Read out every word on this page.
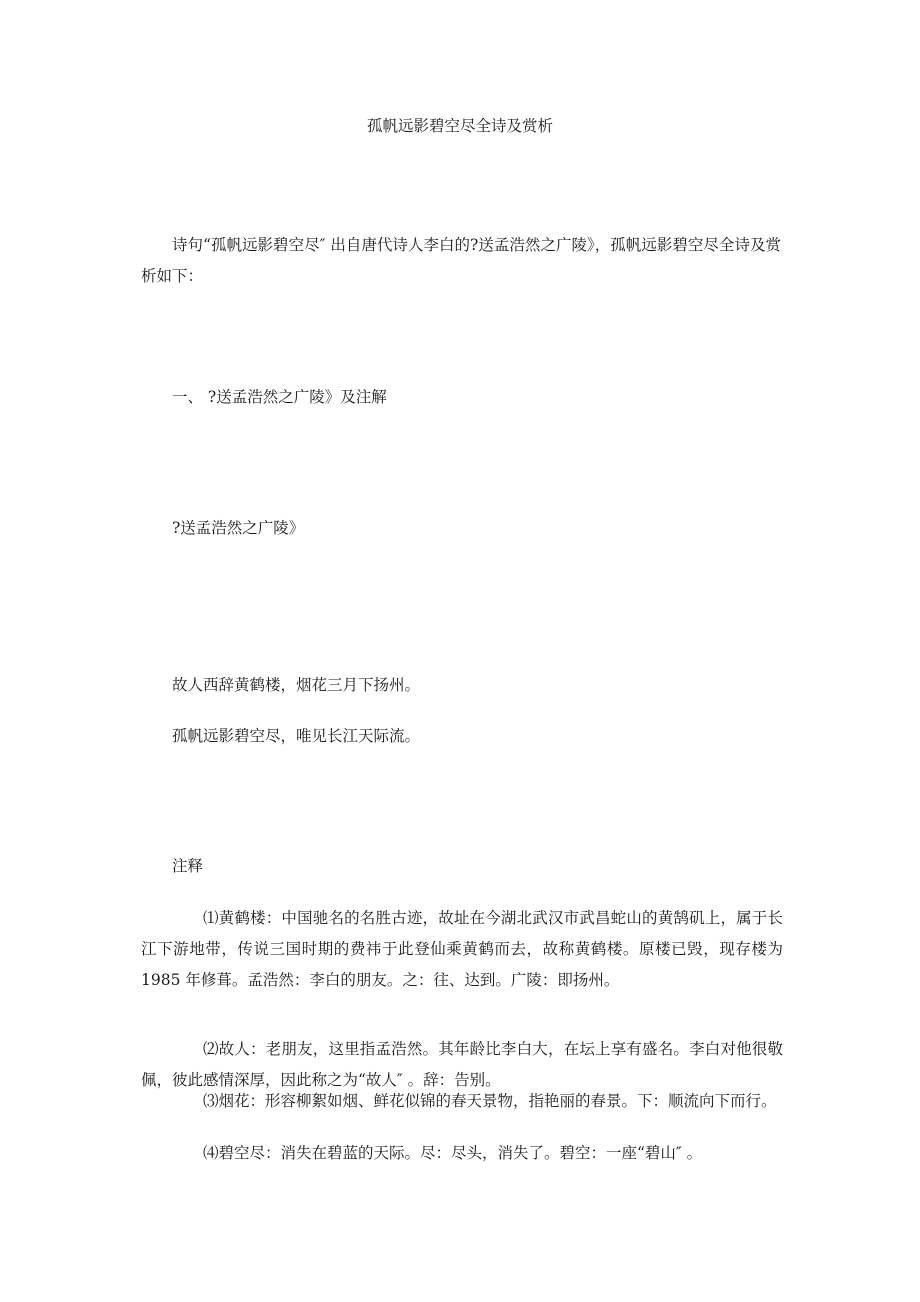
孤帆远影碧空尽全诗及赏析
诗句“孤帆远影碧空尽″ 出自唐代诗人李白的?送孟浩然之广陵》，孤帆远影碧空尽全诗及赏析如下：
一、 ?送孟浩然之广陵》及注解
?送孟浩然之广陵》
故人西辞黄鹤楼，烟花三月下扬州。
孤帆远影碧空尽，唯见长江天际流。
注释
⑴黄鹤楼：中国驰名的名胜古迹，故址在今湖北武汉市武昌蛇山的黄鹄矶上，属于长江下游地带，传说三国时期的费祎于此登仙乘黄鹤而去，故称黄鹤楼。原楼已毁，现存楼为 1985 年修葺。孟浩然：李白的朋友。之：往、达到。广陵：即扬州。
⑵故人：老朋友，这里指孟浩然。其年龄比李白大，在坛上享有盛名。李白对他很敬佩，彼此感情深厚，因此称之为“故人″ 。辞：告别。
⑶烟花：形容柳絮如烟、鲜花似锦的春天景物，指艳丽的春景。下：顺流向下而行。
⑷碧空尽：消失在碧蓝的天际。尽：尽头，消失了。碧空：一座“碧山″ 。
